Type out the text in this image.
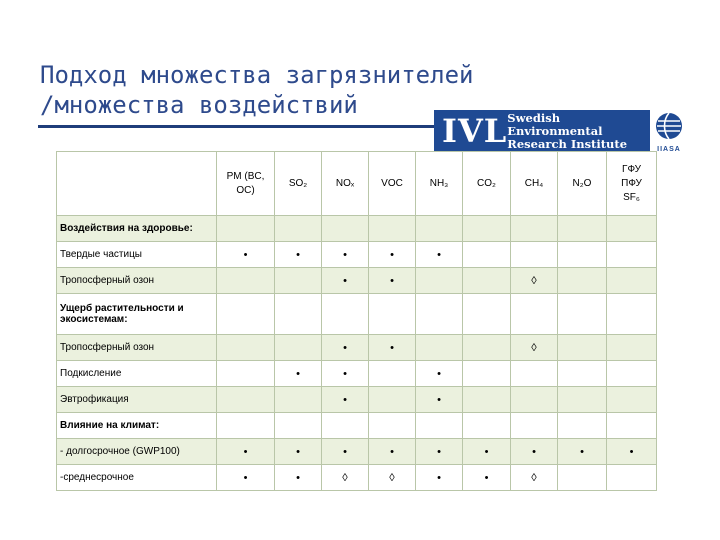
Подход множества загрязнителей
/множества воздействий
IVL Swedish Environmental
Research Institute	IIASA

	PM (BC,
OC)	SO₂	NOₓ	VOC	NH₃	CO₂	CH₄	N₂O	ГФУ
ПФУ
SF₆

Воздействия на здоровье:									
Твердые частицы	•	•	•	•	•				
Тропосферный озон			•	•			◊		
Ущерб растительности и экосистемам:									
Тропосферный озон			•	•			◊		
Подкисление		•	•		•				
Эвтрофикация			•		•				
Влияние на климат:									
- долгосрочное (GWP100)	•	•	•	•	•	•	•	•	•
-среднесрочное	•	•	◊	◊	•	•	◊		
